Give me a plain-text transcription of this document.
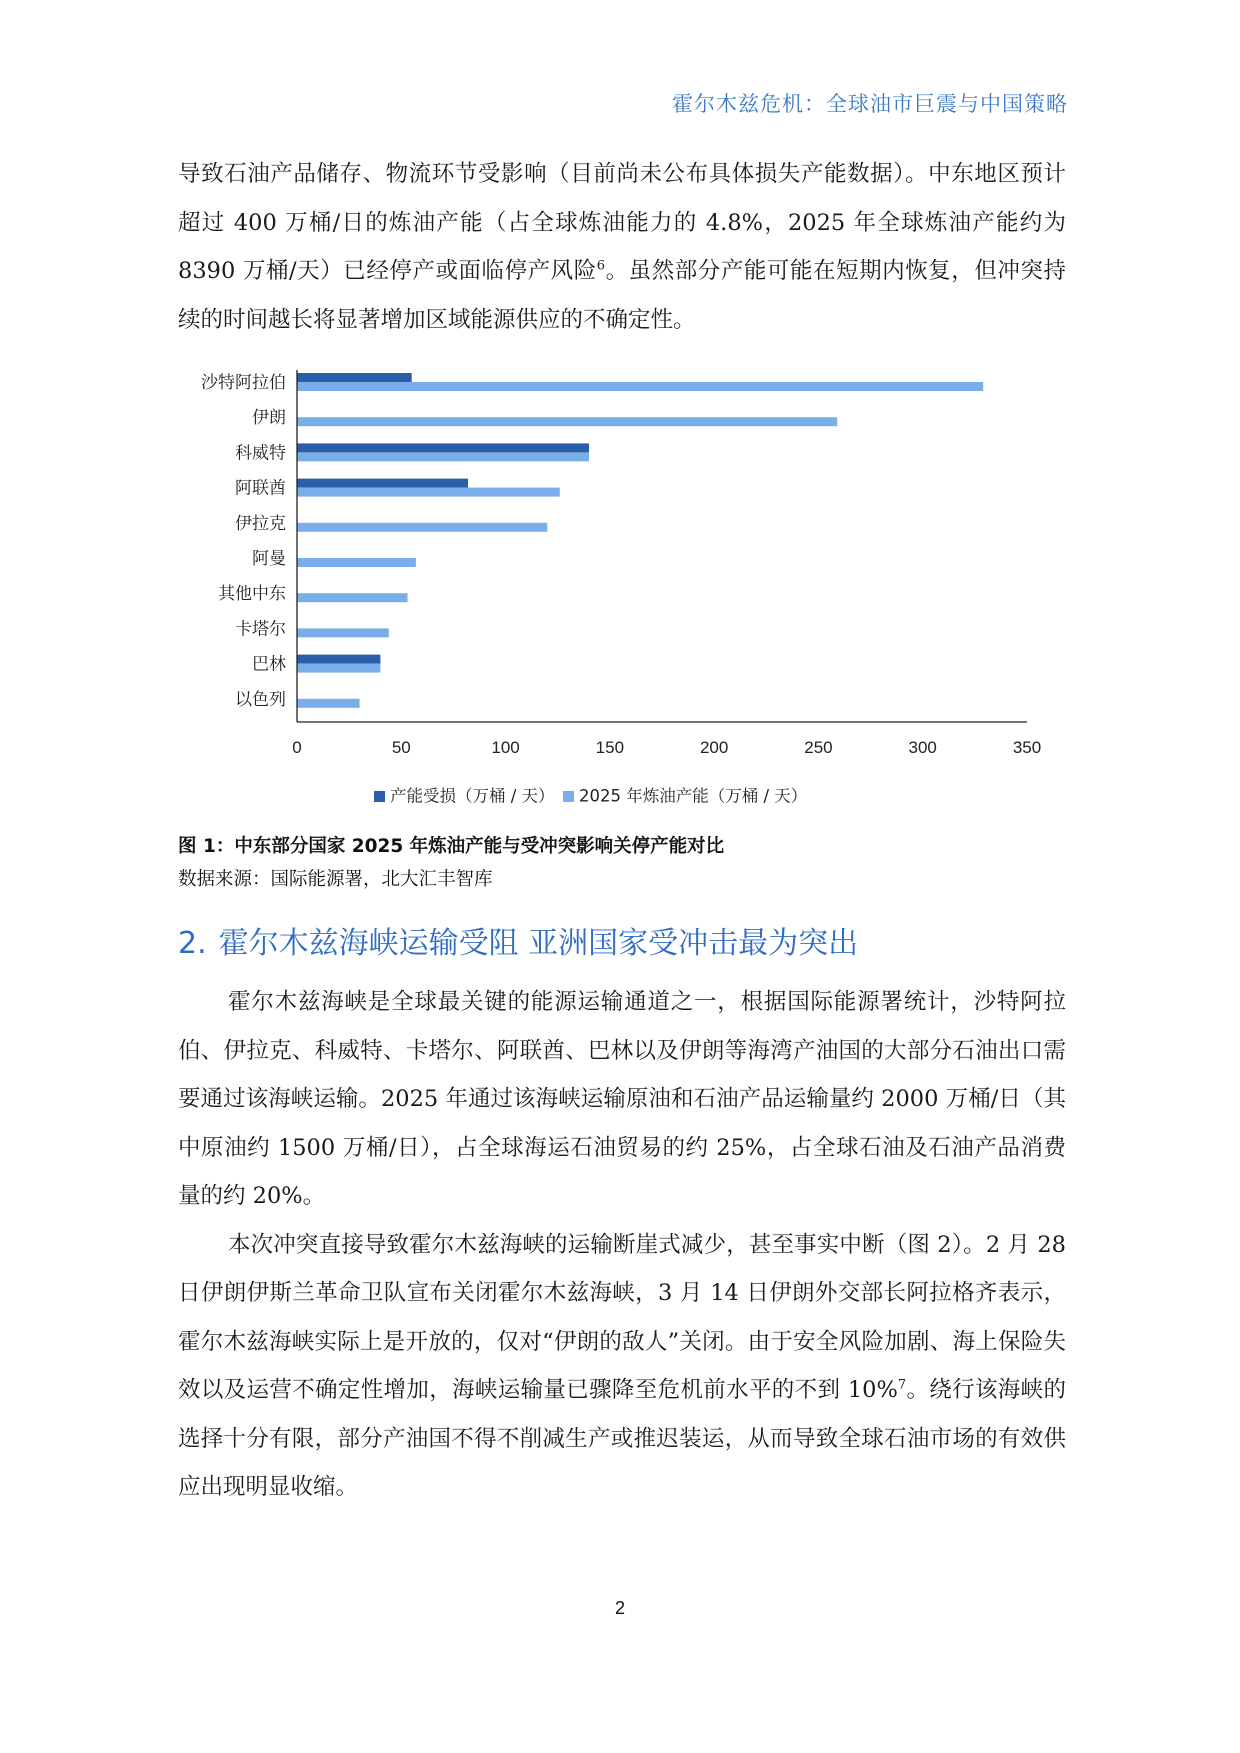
霍尔木兹危机：全球油市巨震与中国策略

导致石油产品储存、物流环节受影响（目前尚未公布具体损失产能数据）。中东地区预计超过 400 万桶/日的炼油产能（占全球炼油能力的 4.8%，2025 年全球炼油产能约为 8390 万桶/天）已经停产或面临停产风险$^6$。虽然部分产能可能在短期内恢复，但冲突持续的时间越长将显著增加区域能源供应的不确定性。

沙特阿拉伯
伊朗
科威特
阿联酋
伊拉克
阿曼
其他中东
卡塔尔
巴林
以色列
0	50	100	150	200	250	300	350
产能受损（万桶 / 天） 2025 年炼油产能（万桶 / 天）
图 1：中东部分国家 2025 年炼油产能与受冲突影响关停产能对比
数据来源：国际能源署，北大汇丰智库
2. 霍尔木兹海峡运输受阻 亚洲国家受冲击最为突出

霍尔木兹海峡是全球最关键的能源运输通道之一，根据国际能源署统计，沙特阿拉伯、伊拉克、科威特、卡塔尔、阿联酋、巴林以及伊朗等海湾产油国的大部分石油出口需要通过该海峡运输。2025 年通过该海峡运输原油和石油产品运输量约 2000 万桶/日（其中原油约 1500 万桶/日），占全球海运石油贸易的约 25%，占全球石油及石油产品消费量的约 20%。

本次冲突直接导致霍尔木兹海峡的运输断崖式减少，甚至事实中断（图 2）。2 月 28 日伊朗伊斯兰革命卫队宣布关闭霍尔木兹海峡，3 月 14 日伊朗外交部长阿拉格齐表示，霍尔木兹海峡实际上是开放的，仅对“伊朗的敌人”关闭。由于安全风险加剧、海上保险失效以及运营不确定性增加，海峡运输量已骤降至危机前水平的不到 10%$^7$。绕行该海峡的选择十分有限，部分产油国不得不削减生产或推迟装运，从而导致全球石油市场的有效供应出现明显收缩。

2
